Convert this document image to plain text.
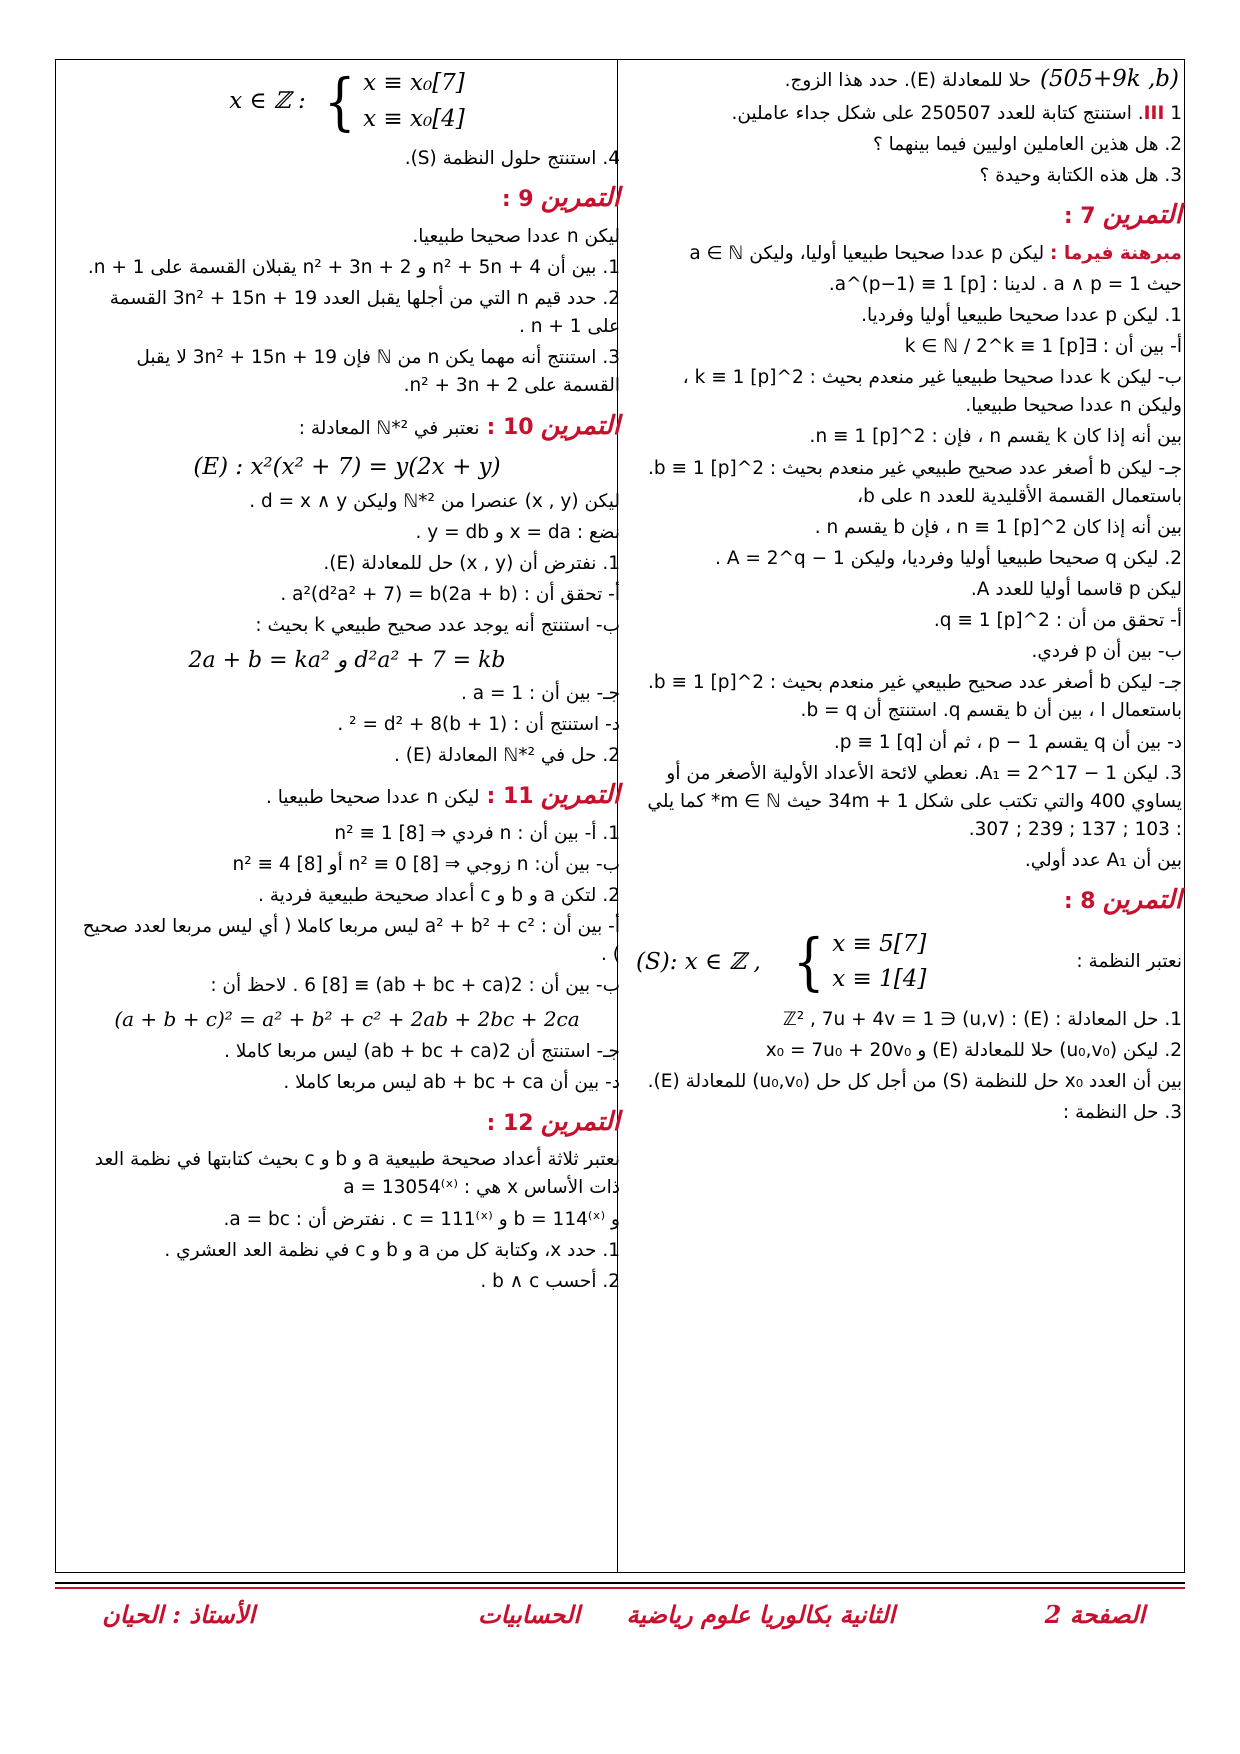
(505+9k ,b) حلا للمعادلة (E). حدد هذا الزوج.

III 1. استنتج كتابة للعدد 250507 على شكل جداء عاملين.

2. هل هذين العاملين اوليين فيما بينهما ؟

3. هل هذه الكتابة وحيدة ؟

التمرين 7 :

مبرهنة فيرما : ليكن p عددا صحيحا طبيعيا أوليا، وليكن a ∈ ℕ

حيث a ∧ p = 1 . لدينا : a^(p−1) ≡ 1 [p].

1. ليكن p عددا صحيحا طبيعيا أوليا وفرديا.

أ- بين أن : ∃k ∈ ℕ / 2^k ≡ 1 [p]

ب- ليكن k عددا صحيحا طبيعيا غير منعدم بحيث : 2^k ≡ 1 [p] ، وليكن n عددا صحيحا طبيعيا.

بين أنه إذا كان k يقسم n ، فإن : 2^n ≡ 1 [p].

جـ- ليكن b أصغر عدد صحيح طبيعي غير منعدم بحيث : 2^b ≡ 1 [p]. باستعمال القسمة الأقليدية للعدد n على b،

بين أنه إذا كان 2^n ≡ 1 [p] ، فإن b يقسم n .

2. ليكن q صحيحا طبيعيا أوليا وفرديا، وليكن A = 2^q − 1 .

ليكن p قاسما أوليا للعدد A.

أ- تحقق من أن : 2^q ≡ 1 [p].

ب- بين أن p فردي.

جـ- ليكن b أصغر عدد صحيح طبيعي غير منعدم بحيث : 2^b ≡ 1 [p]. باستعمال ا ، بين أن b يقسم q. استنتج أن b = q.

د- بين أن q يقسم p − 1 ، ثم أن p ≡ 1 [q].

3. ليكن A₁ = 2^17 − 1. نعطي لائحة الأعداد الأولية الأصغر من أو يساوي 400 والتي تكتب على شكل 34m + 1 حيث m ∈ ℕ* كما يلي : 103 ; 137 ; 239 ; 307.

بين أن A₁ عدد أولي.

التمرين 8 :
نعتبر النظمة :
(S): x ∈ ℤ , { x ≡ 5[7]
x ≡ 1[4]

1. حل المعادلة : (E) : (u,v) ∈ ℤ² , 7u + 4v = 1

2. ليكن (u₀,v₀) حلا للمعادلة (E) و x₀ = 7u₀ + 20v₀

بين أن العدد x₀ حل للنظمة (S) من أجل كل حل (u₀,v₀) للمعادلة (E).

3. حل النظمة :

x ∈ ℤ : { x ≡ x₀[7]
x ≡ x₀[4]

4. استنتج حلول النظمة (S).

التمرين 9 :

ليكن n عددا صحيحا طبيعيا.

1. بين أن n² + 5n + 4 و n² + 3n + 2 يقبلان القسمة على n + 1.

2. حدد قيم n التي من أجلها يقبل العدد 3n² + 15n + 19 القسمة على n + 1 .

3. استنتج أنه مهما يكن n من ℕ فإن 3n² + 15n + 19 لا يقبل القسمة على n² + 3n + 2.

التمرين 10 : نعتبر في ℕ*² المعادلة :

(E) : x²(x² + 7) = y(2x + y)

ليكن (x , y) عنصرا من ℕ*² وليكن d = x ∧ y .

نضع : x = da و y = db .

1. نفترض أن (x , y) حل للمعادلة (E).

أ- تحقق أن : a²(d²a² + 7) = b(2a + b) .

ب- استنتج أنه يوجد عدد صحيح طبيعي k بحيث :

d²a² + 7 = kb و 2a + b = ka²

جـ- بين أن : a = 1 .

د- استنتج أن : (b + 1)² = d² + 8 .

2. حل في ℕ*² المعادلة (E) .

التمرين 11 : ليكن n عددا صحيحا طبيعيا .

1. أ- بين أن : n فردي ⇒ n² ≡ 1 [8]

ب- بين أن: n زوجي ⇒ n² ≡ 0 [8] أو n² ≡ 4 [8]

2. لتكن a و b و c أعداد صحيحة طبيعية فردية .

أ- بين أن : a² + b² + c² ليس مربعا كاملا ( أي ليس مربعا لعدد صحيح ) .

ب- بين أن : 2(ab + bc + ca) ≡ 6 [8] . لاحظ أن :

(a + b + c)² = a² + b² + c² + 2ab + 2bc + 2ca

جـ- استنتج أن 2(ab + bc + ca) ليس مربعا كاملا .

د- بين أن ab + bc + ca ليس مربعا كاملا .

التمرين 12 :

نعتبر ثلاثة أعداد صحيحة طبيعية a و b و c بحيث كتابتها في نظمة العد ذات الأساس x هي : a = 13054⁽ˣ⁾

و b = 114⁽ˣ⁾ و c = 111⁽ˣ⁾ . نفترض أن : a = bc.

1. حدد x، وكتابة كل من a و b و c في نظمة العد العشري .

2. أحسب b ∧ c .

الصفحة 2
الثانية بكالوريا علوم رياضية
الحسابيات
الأستاذ : الحيان
